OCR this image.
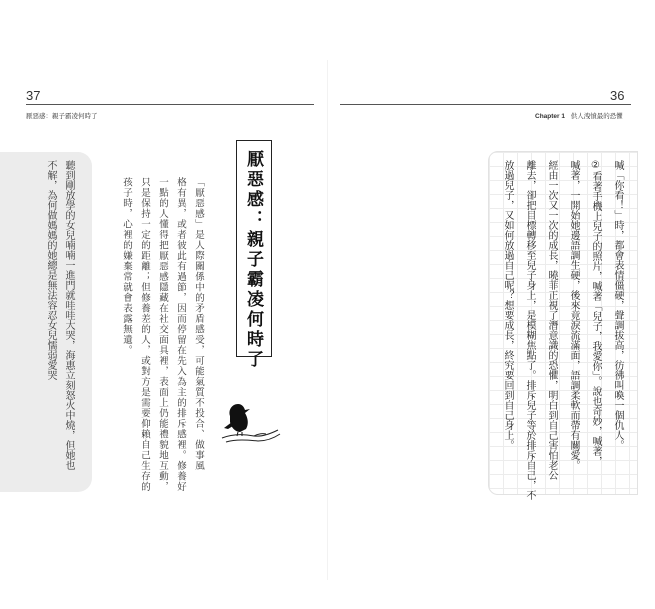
37
厭惡感：親子霸凌何時了
聽到剛放學的女兒喃喃一進門就哇哇大哭，海惠立刻怒火中燒，但她也
不解，為何做媽媽的她總是無法容忍女兒懦弱愛哭	厭惡感：親子霸凌何時了
「厭惡感」是人際關係中的矛盾感受，可能氣質不投合、做事風
格有異，或者彼此有過節，因而停留在先入為主的排斥感裡。修養好
一點的人懂得把厭惡感隱藏在社交面具裡，表面上仍能禮貌地互動，
只是保持一定的距離；但修養差的人，或對方是需要仰賴自己生存的
孩子時，心裡的嫌棄常就會表露無遺。
36
Chapter 1 供人洩憤最的恐懼
喊「你看！」時，都會表情僵硬，聲調拔高，彷彿叫喚一個仇人。
②看著手機上兒子的照片，喊著「兒子，我愛你」。說也奇妙，喊著，
喊著，一開始她邊語調生硬，後來竟淚流滿面，語調柔軟而帶有關愛。
經由一次又一次的成長，曉菲正視了潛意識的恐懼，明白到自己害怕老公
離去，卻把目標轉移至兒子身上，是模糊焦點了。排斥兒子等於排斥自己，不
放過兒子，又如何放過自己呢？想要成長，終究要回到自己身上。
